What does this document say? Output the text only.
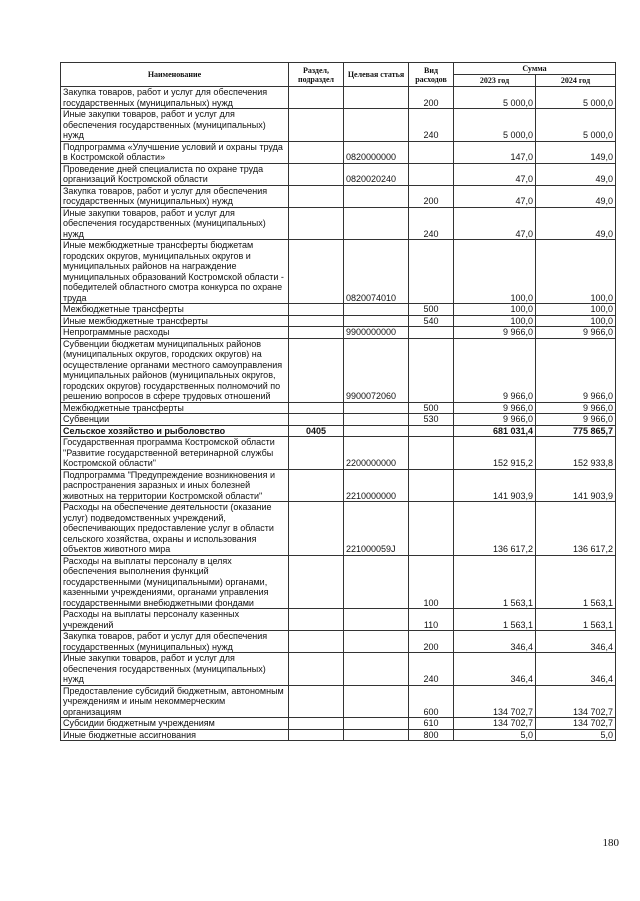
Наименование	Раздел, подраздел	Целевая статья	Вид расходов	Сумма	
				2023 год	2024 год
Закупка товаров, работ и услуг для обеспечения государственных (муниципальных) нужд			200	5 000,0	5 000,0
Иные закупки товаров, работ и услуг для обеспечения государственных (муниципальных) нужд			240	5 000,0	5 000,0
Подпрограмма «Улучшение условий и охраны труда в Костромской области»		0820000000		147,0	149,0
Проведение дней специалиста по охране труда организаций Костромской области		0820020240		47,0	49,0
Закупка товаров, работ и услуг для обеспечения государственных (муниципальных) нужд			200	47,0	49,0
Иные закупки товаров, работ и услуг для обеспечения государственных (муниципальных) нужд			240	47,0	49,0
Иные межбюджетные трансферты бюджетам городских округов, муниципальных округов и муниципальных районов на награждение муниципальных образований Костромской области - победителей областного смотра конкурса по охране труда		0820074010		100,0	100,0
Межбюджетные трансферты			500	100,0	100,0
Иные межбюджетные трансферты			540	100,0	100,0
Непрограммные расходы		9900000000		9 966,0	9 966,0
Субвенции бюджетам муниципальных районов (муниципальных округов, городских округов) на осуществление органами местного самоуправления муниципальных районов (муниципальных округов, городских округов) государственных полномочий по решению вопросов в сфере трудовых отношений		9900072060		9 966,0	9 966,0
Межбюджетные трансферты			500	9 966,0	9 966,0
Субвенции			530	9 966,0	9 966,0
Сельское хозяйство и рыболовство	0405			681 031,4	775 865,7
Государственная программа Костромской области "Развитие государственной ветеринарной службы Костромской области"		2200000000		152 915,2	152 933,8
Подпрограмма "Предупреждение возникновения и распространения заразных и иных болезней животных на территории Костромской области"		2210000000		141 903,9	141 903,9
Расходы на обеспечение деятельности (оказание услуг) подведомственных учреждений, обеспечивающих предоставление услуг в области сельского хозяйства, охраны и использования объектов животного мира		221000059J		136 617,2	136 617,2
Расходы на выплаты персоналу в целях обеспечения выполнения функций государственными (муниципальными) органами, казенными учреждениями, органами управления государственными внебюджетными фондами			100	1 563,1	1 563,1
Расходы на выплаты персоналу казенных учреждений			110	1 563,1	1 563,1
Закупка товаров, работ и услуг для обеспечения государственных (муниципальных) нужд			200	346,4	346,4
Иные закупки товаров, работ и услуг для обеспечения государственных (муниципальных) нужд			240	346,4	346,4
Предоставление субсидий бюджетным, автономным учреждениям и иным некоммерческим организациям			600	134 702,7	134 702,7
Субсидии бюджетным учреждениям			610	134 702,7	134 702,7
Иные бюджетные ассигнования			800	5,0	5,0
180
